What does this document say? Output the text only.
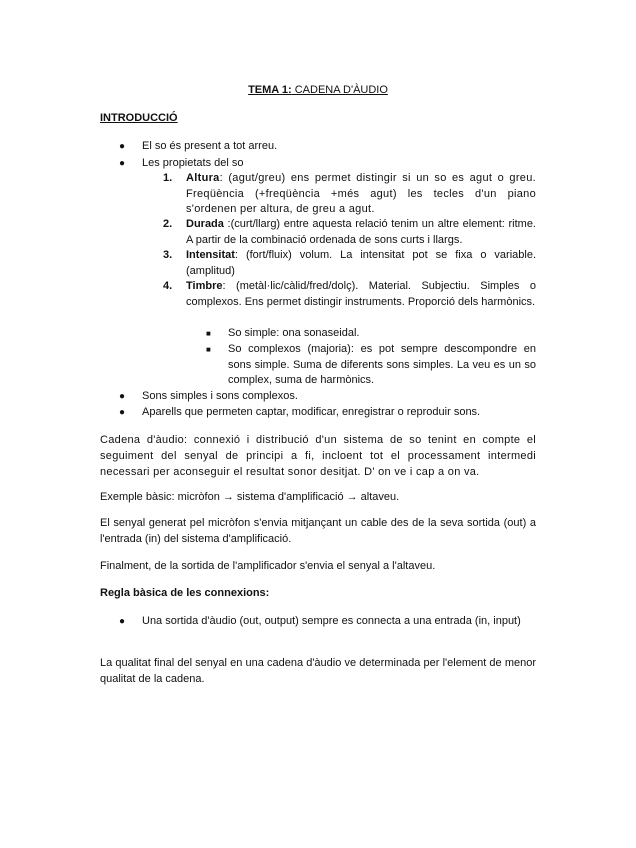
TEMA 1: CADENA D'ÀUDIO
INTRODUCCIÓ
● El so és present a tot arreu.
● Les propietats del so
1. Altura: (agut/greu) ens permet distingir si un so es agut o greu. Freqüència (+freqüència +més agut) les tecles d'un piano s'ordenen per altura, de greu a agut.
2. Durada :(curt/llarg) entre aquesta relació tenim un altre element: ritme. A partir de la combinació ordenada de sons curts i llargs.
3. Intensitat: (fort/fluix) volum. La intensitat pot se fixa o variable. (amplitud)
4. Timbre: (metàl·lic/càlid/fred/dolç). Material. Subjectiu. Simples o complexos. Ens permet distingir instruments. Proporció dels harmònics.
■ So simple: ona sonaseidal.
■ So complexos (majoria): es pot sempre descompondre en sons simple. Suma de diferents sons simples. La veu es un so complex, suma de harmònics.
● Sons simples i sons complexos.
● Aparells que permeten captar, modificar, enregistrar o reproduir sons.
Cadena d'àudio: connexió i distribució d'un sistema de so tenint en compte el seguiment del senyal de principi a fi, incloent tot el processament intermedi necessari per aconseguir el resultat sonor desitjat. D' on ve i cap a on va.
Exemple bàsic: micròfon → sistema d'amplificació → altaveu.
El senyal generat pel micròfon s'envia mitjançant un cable des de la seva sortida (out) a l'entrada (in) del sistema d'amplificació.
Finalment, de la sortida de l'amplificador s'envia el senyal a l'altaveu.
Regla bàsica de les connexions:
● Una sortida d'àudio (out, output) sempre es connecta a una entrada (in, input)
La qualitat final del senyal en una cadena d'àudio ve determinada per l'element de menor qualitat de la cadena.
